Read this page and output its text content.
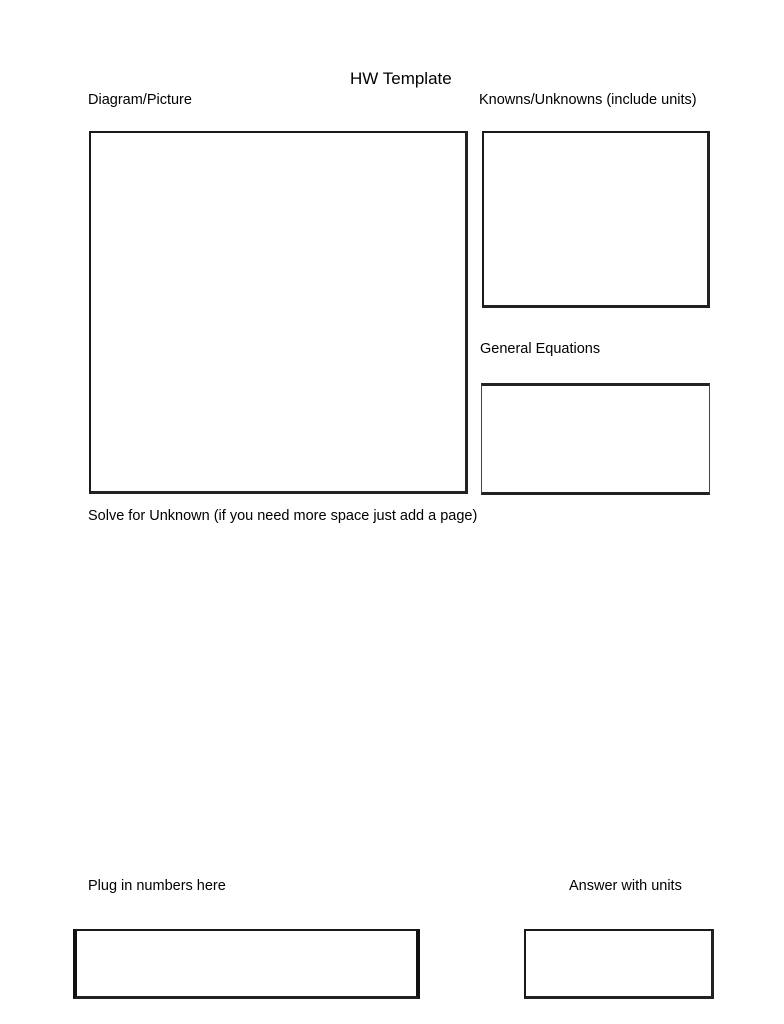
HW Template
Diagram/Picture	Knowns/Unknowns (include units)
General Equations
Solve for Unknown (if you need more space just add a page)
Plug in numbers here	Answer with units
